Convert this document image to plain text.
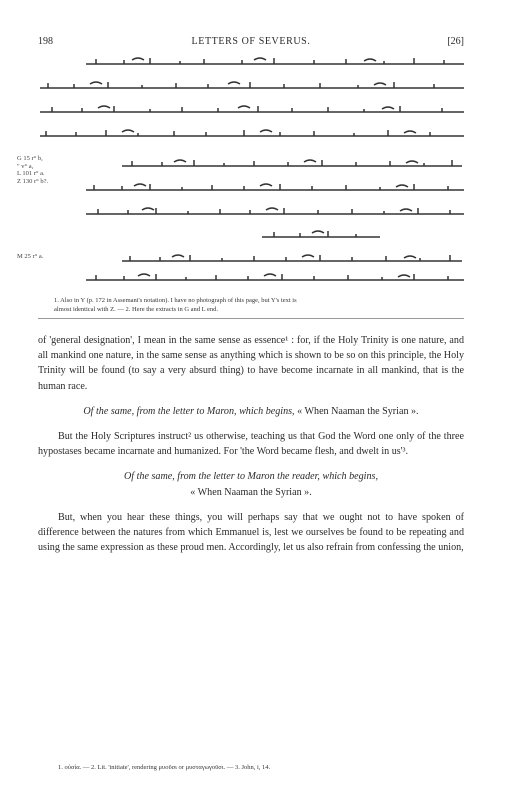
198	LETTERS OF SEVERUS.	[26]
G 15 r° b,
" v° a,
L 101 r° a.
Z 130 r° b?.
M 25 r° a.
1. Also in Y (p. 172 in Assemani's notation). I have no photograph of this page, but Y's text is
almost identical with Z. — 2. Here the extracts in G and L end.

of 'general designation', I mean in the same sense as essence¹ : for, if the Holy Trinity is one nature, and all mankind one nature, in the same sense as anything which is shown to be so on this principle, the Holy Trinity will be found (to say a very absurd thing) to have become incarnate in all mankind, that is the human race.

Of the same, from the letter to Maron, which begins, « When Naaman the Syrian ».

But the Holy Scriptures instruct² us otherwise, teaching us that God the Word one only of the three hypostases became incarnate and humanized. For 'the Word became flesh, and dwelt in us'³.

Of the same, from the letter to Maron the reader, which begins,
« When Naaman the Syrian ».

But, when you hear these things, you will perhaps say that we ought not to have spoken of difference between the natures from which Emmanuel is, lest we ourselves be found to be repeating and using the same expression as these proud men. Accordingly, let us also refrain from confessing the union,

1. οὐσία. — 2. Lit. 'initiate', rendering μυοῦσι or μυσταγωγοῦσι. — 3. John, i, 14.
